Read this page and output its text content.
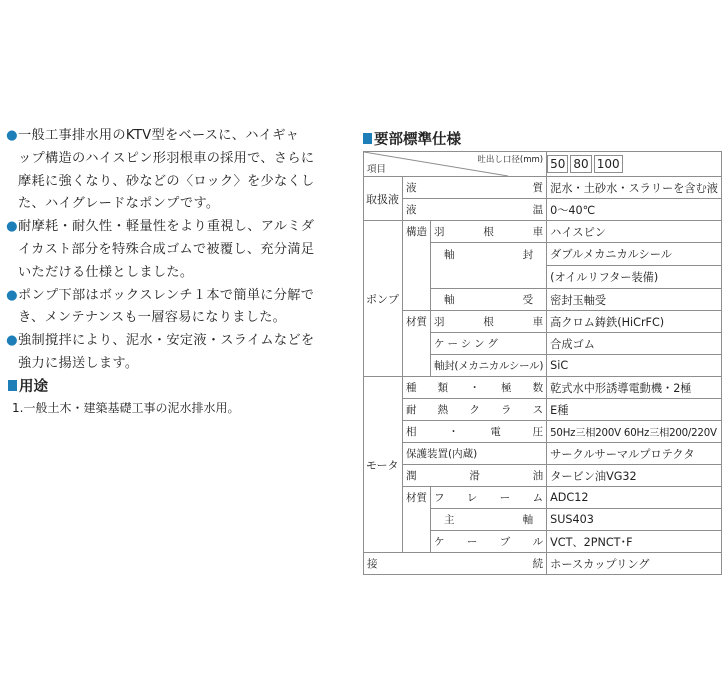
● 一般工事排水用のKTV型をベースに、ハイギャ
ップ構造のハイスピン形羽根車の採用で、さらに
摩耗に強くなり、砂などの〈ロック〉を少なくし
た、ハイグレードなポンプです。
● 耐摩耗・耐久性・軽量性をより重視し、アルミダ
イカスト部分を特殊合成ゴムで被覆し、充分満足
いただける仕様としました。
● ポンプ下部はボックスレンチ１本で簡単に分解で
き、メンテナンスも一層容易になりました。
● 強制撹拌により、泥水・安定液・スライムなどを
強力に揚送します。
用途
1.一般土木・建築基礎工事の泥水排水用。
要部標準仕様
吐出し口径(mm)
項目			50 80 100
取扱液	液 質		泥水・土砂水・スラリーを含む液

	液 温		0〜40℃
ポンプ	構造	羽 根 車	ハイスピン

		軸 封	ダブルメカニカルシール
			(オイルリフター装備)

		軸 受	密封玉軸受
	材質	羽 根 車	高クロム鋳鉄(HiCrFC)
		ケーシング	合成ゴム
		軸封(メカニカルシール)	SiC
モータ	種 類 ・ 極 数		乾式水中形誘導電動機・2極

	耐 熱 ク ラ ス		E種

	相 ・ 電 圧		50Hz三相200V 60Hz三相200/220V
	保護装置(内蔵)		サークルサーマルプロテクタ

	潤 滑 油		タービン油VG32
	材質	フ レ ー ム	ADC12

		主 軸	SUS403

		ケ ー ブ ル	VCT、2PNCT･F

接 続			ホースカップリング
